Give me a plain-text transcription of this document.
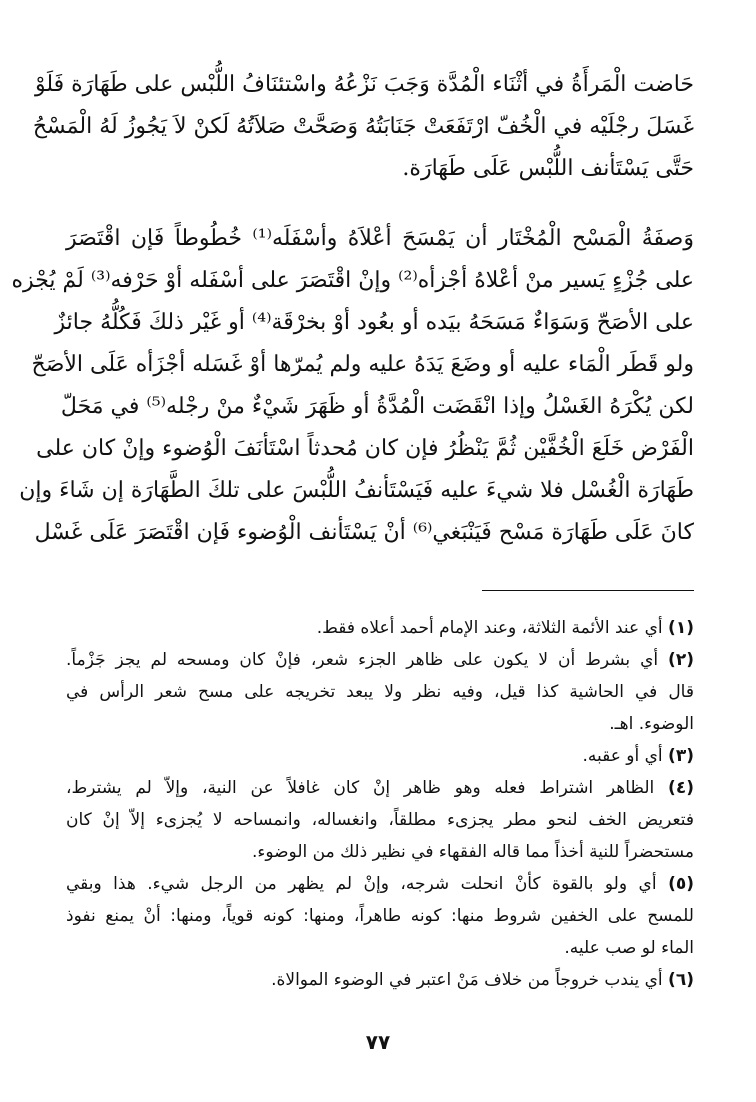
حَاضت الْمَرأَةُ في أثْنَاء الْمُدَّة وَجَبَ نَزْعُهُ واسْتئنَافُ اللُّبْس على طَهَارَة فَلَوْ
غَسَلَ رجْلَيْه في الْخُفّ ارْتَفَعَتْ جَنَابَتُهُ وَصَحَّتْ صَلاَتُهُ لَكنْ لاَ يَجُوزُ لَهُ الْمَسْحُ
حَتَّى يَسْتَأنف اللُّبْس عَلَى طَهَارَة.
وَصفَةُ الْمَسْح الْمُخْتَار أن يَمْسَحَ أعْلاَهُ وأسْفَلَه⁽¹⁾ خُطُوطاً فَإن اقْتَصَرَ
على جُزْءٍ يَسير منْ أعْلاهُ أجْزأه⁽²⁾ وإنْ اقْتَصَرَ على أسْفَله أوْ حَرْفه⁽³⁾ لَمْ يُجْزه
على الأصَحّ وَسَوَاءٌ مَسَحَهُ بيَده أو بعُود أوْ بخرْقَة⁽⁴⁾ أو غَيْر ذلكَ فَكُلُّهُ جائزٌ
ولو قَطَر الْمَاء عليه أو وضَعَ يَدَهُ عليه ولم يُمرّها أوْ غَسَله أجْزَأه عَلَى الأصَحّ
لكن يُكْرَهُ الغَسْلُ وإذا انْقَضَت الْمُدَّةُ أو ظَهَرَ شَيْءٌ منْ رجْله⁽⁵⁾ في مَحَلّ
الْفَرْض خَلَعَ الْخُفَّيْن ثُمَّ يَنْظُرُ فإن كان مُحدثاً اسْتَأنَفَ الْوُضوء وإنْ كان على
طَهَارَة الْغُسْل فلا شيءَ عليه فَيَسْتَأنفُ اللُّبْسَ على تلكَ الطَّهَارَة إن شَاءَ وإن
كانَ عَلَى طَهَارَة مَسْح فَيَنْبَغي⁽⁶⁾ أنْ يَسْتَأنف الْوُضوء فَإن اقْتَصَرَ عَلَى غَسْل
(١) أي عند الأئمة الثلاثة، وعند الإمام أحمد أعلاه فقط.
(٢) أي بشرط أن لا يكون على ظاهر الجزء شعر، فإنْ كان ومسحه لم يجز جَزْماً.
قال في الحاشية كذا قيل، وفيه نظر ولا يبعد تخريجه على مسح شعر الرأس في
الوضوء. اهـ.
(٣) أي أو عقبه.
(٤) الظاهر اشتراط فعله وهو ظاهر إنْ كان غافلاً عن النية، وإلاّ لم يشترط،
فتعريض الخف لنحو مطر يجزىء مطلقاً، وانغساله، وانمساحه لا يُجزىء إلاّ إنْ كان
مستحضراً للنية أخذاً مما قاله الفقهاء في نظير ذلك من الوضوء.
(٥) أي ولو بالقوة كأنْ انحلت شرجه، وإنْ لم يظهر من الرجل شيء. هذا وبقي
للمسح على الخفين شروط منها: كونه طاهراً، ومنها: كونه قوياً، ومنها: أنْ يمنع نفوذ
الماء لو صب عليه.
(٦) أي يندب خروجاً من خلاف مَنْ اعتبر في الوضوء الموالاة.
٧٧
